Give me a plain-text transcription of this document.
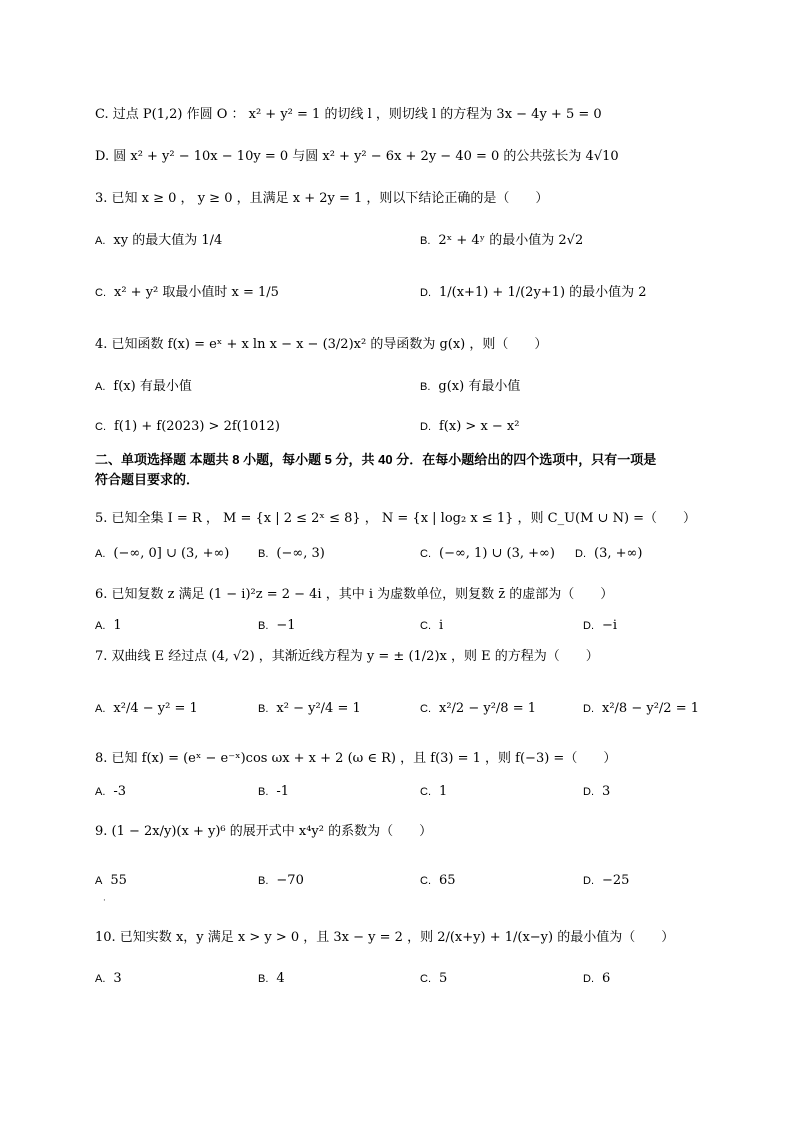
C. 过点 P(1,2) 作圆 O ： x² + y² = 1 的切线 l ，则切线 l 的方程为 3x − 4y + 5 = 0
D. 圆 x² + y² − 10x − 10y = 0 与圆 x² + y² − 6x + 2y − 40 = 0 的公共弦长为 4√10
3. 已知 x ≥ 0 ， y ≥ 0 ，且满足 x + 2y = 1 ，则以下结论正确的是（　　）
A. xy 的最大值为 1/4	B. 2ˣ + 4ʸ 的最小值为 2√2
C. x² + y² 取最小值时 x = 1/5	D. 1/(x+1) + 1/(2y+1) 的最小值为 2
4. 已知函数 f(x) = eˣ + x ln x − x − (3/2)x² 的导函数为 g(x) ，则（　　）
A. f(x) 有最小值	B. g(x) 有最小值
C. f(1) + f(2023) > 2f(1012)	D. f(x) > x − x²
二、单项选择题 本题共 8 小题，每小题 5 分，共 40 分．在每小题给出的四个选项中，只有一项是
符合题目要求的．
5. 已知全集 I = R ， M = {x | 2 ≤ 2ˣ ≤ 8} ， N = {x | log₂ x ≤ 1} ，则 C_U(M ∪ N) =（　　）
A. (−∞, 0] ∪ (3, +∞)	B. (−∞, 3)	C. (−∞, 1) ∪ (3, +∞) D. (3, +∞)
6. 已知复数 z 满足 (1 − i)²z = 2 − 4i ，其中 i 为虚数单位，则复数 z̄ 的虚部为（　　）
A. 1	B. −1	C. i	D. −i
7. 双曲线 E 经过点 (4, √2) ，其渐近线方程为 y = ± (1/2)x ，则 E 的方程为（　　）
A. x²/4 − y² = 1	B. x² − y²/4 = 1	C. x²/2 − y²/8 = 1	D. x²/8 − y²/2 = 1
8. 已知 f(x) = (eˣ − e⁻ˣ)cos ωx + x + 2 (ω ∈ R) ，且 f(3) = 1 ，则 f(−3) =（　　）
A. -3	B. -1	C. 1	D. 3
9. (1 − 2x/y)(x + y)⁶ 的展开式中 x⁴y² 的系数为（　　）
A 55	B. −70	C. 65	D. −25
·
10. 已知实数 x，y 满足 x > y > 0 ，且 3x − y = 2 ，则 2/(x+y) + 1/(x−y) 的最小值为（　　）
A. 3	B. 4	C. 5	D. 6
